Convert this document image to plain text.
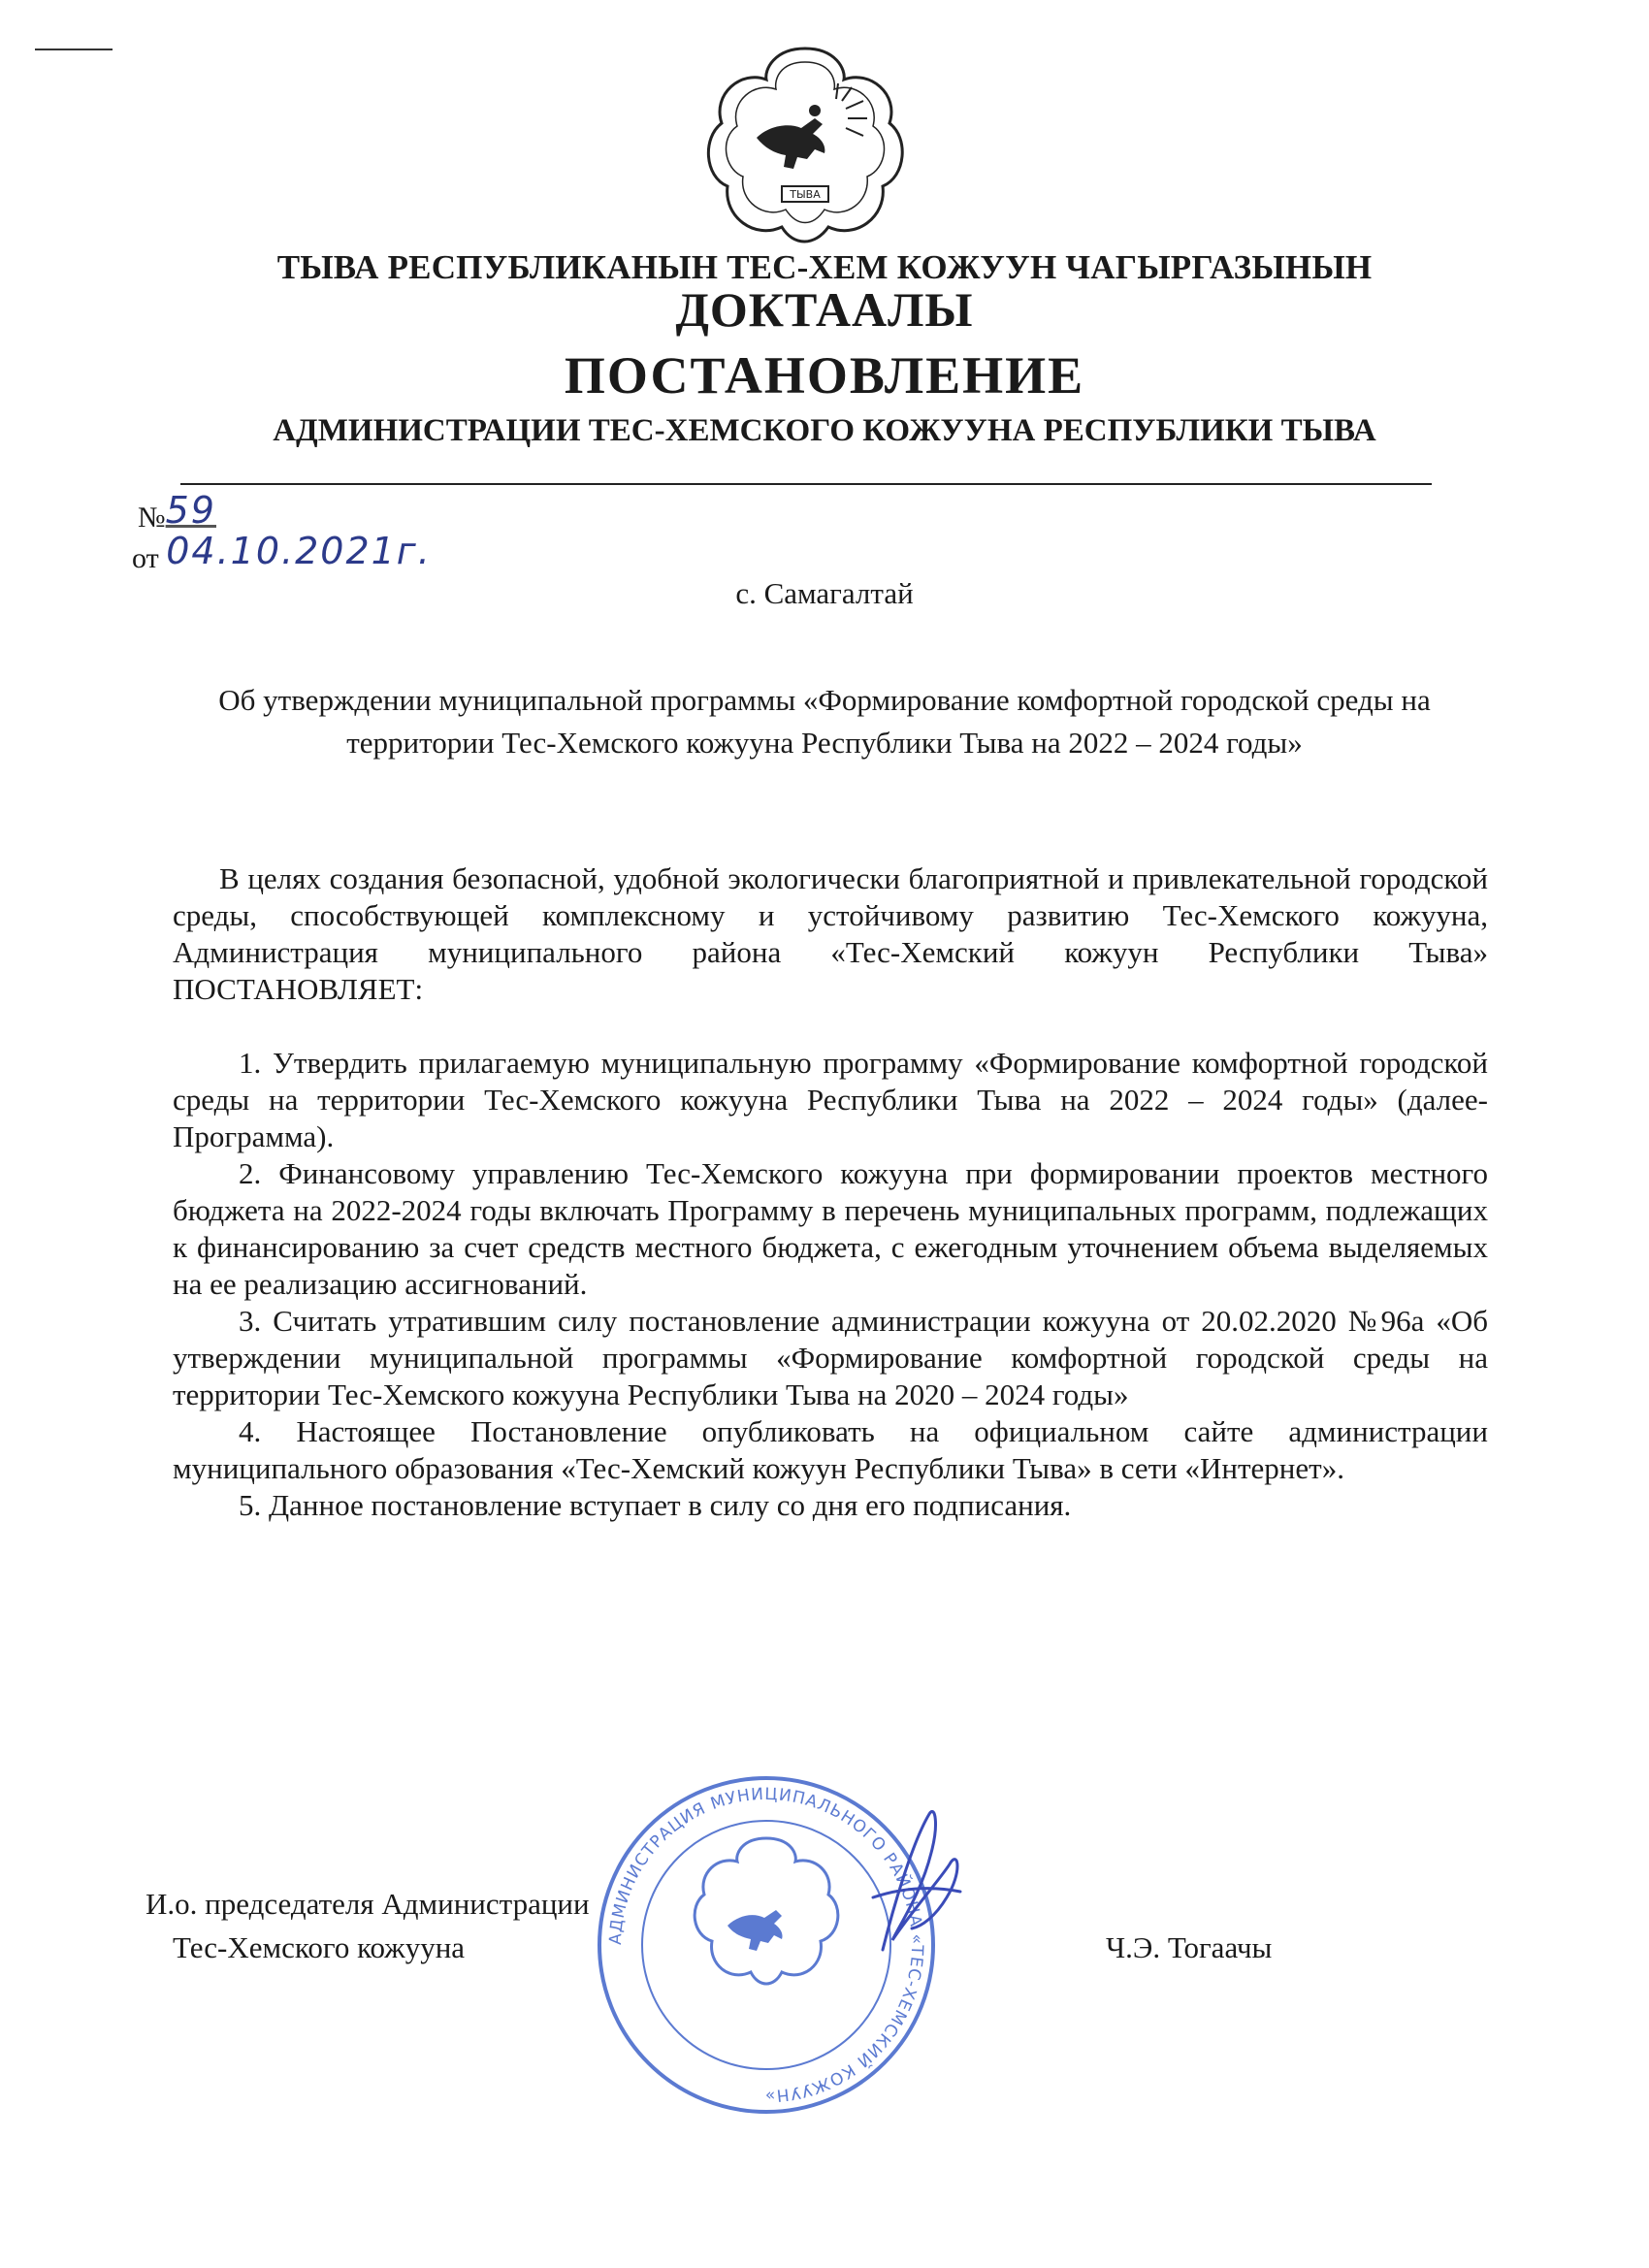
ТЫВА
ТЫВА РЕСПУБЛИКАНЫН ТЕС-ХЕМ КОЖУУН ЧАГЫРГАЗЫНЫН
ДОКТААЛЫ
ПОСТАНОВЛЕНИЕ
АДМИНИСТРАЦИИ ТЕС-ХЕМСКОГО КОЖУУНА РЕСПУБЛИКИ ТЫВА
№59
от 04.10.2021г.
с. Самагалтай
Об утверждении муниципальной программы «Формирование комфортной городской среды на территории Тес-Хемского кожууна Республики Тыва на 2022 – 2024 годы»

В целях создания безопасной, удобной экологически благоприятной и привлекательной городской среды, способствующей комплексному и устойчивому развитию Тес-Хемского кожууна, Администрация муниципального района «Тес-Хемский кожуун Республики Тыва» ПОСТАНОВЛЯЕТ:

1. Утвердить прилагаемую муниципальную программу «Формирование комфортной городской среды на территории Тес-Хемского кожууна Республики Тыва на 2022 – 2024 годы» (далее-Программа).

2. Финансовому управлению Тес-Хемского кожууна при формировании проектов местного бюджета на 2022-2024 годы включать Программу в перечень муниципальных программ, подлежащих к финансированию за счет средств местного бюджета, с ежегодным уточнением объема выделяемых на ее реализацию ассигнований.

3. Считать утратившим силу постановление администрации кожууна от 20.02.2020 №96а «Об утверждении муниципальной программы «Формирование комфортной городской среды на территории Тес-Хемского кожууна Республики Тыва на 2020 – 2024 годы»

4. Настоящее Постановление опубликовать на официальном сайте администрации муниципального образования «Тес-Хемский кожуун Республики Тыва» в сети «Интернет».

5. Данное постановление вступает в силу со дня его подписания.

АДМИНИСТРАЦИЯ МУНИЦИПАЛЬНОГО РАЙОНА «ТЕС-ХЕМСКИЙ КОЖУУН»
И.о. председателя Администрации
Тес-Хемского кожууна	Ч.Э. Тогаачы
